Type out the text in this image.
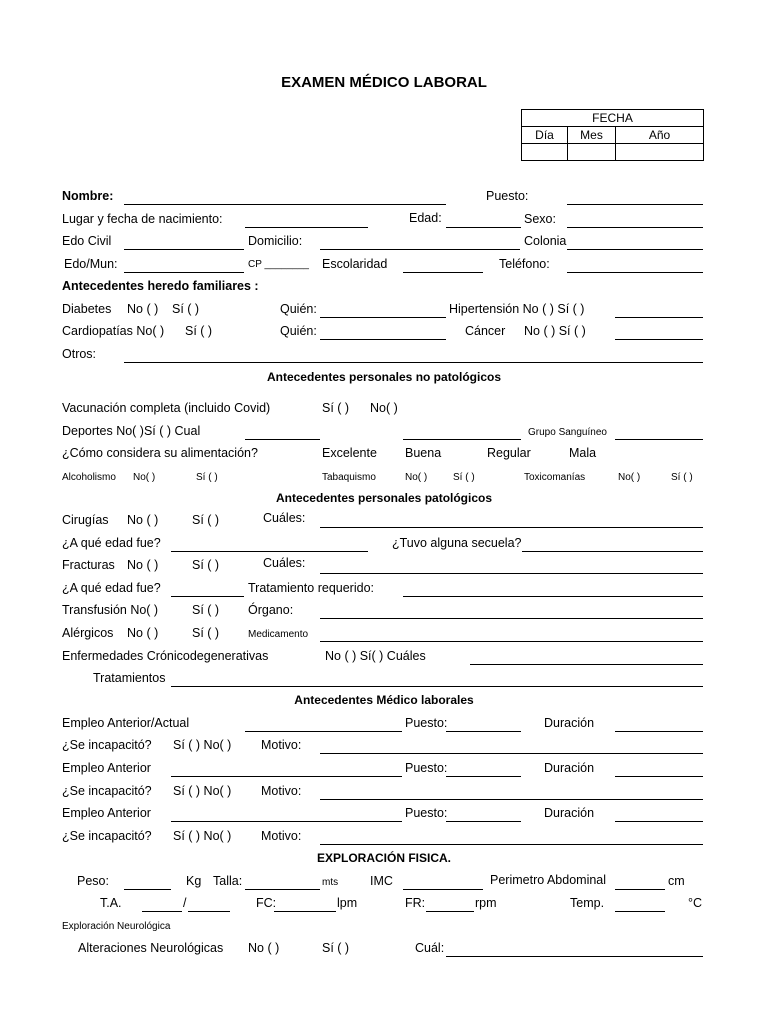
EXAMEN MÉDICO LABORAL
FECHA		
Día	Mes	Año

Nombre:	Puesto:
Lugar y fecha de nacimiento:	Edad:	Sexo:
Edo Civil	Domicilio:	Colonia
Edo/Mun:	CP ________ Escolaridad	Teléfono:
Antecedentes heredo familiares :
Diabetes No ( ) Sí ( )	Quién:	Hipertensión No ( ) Sí ( )
Cardiopatías No( ) Sí ( )	Quién:	Cáncer No ( ) Sí ( )
Otros:
Antecedentes personales no patológicos
Vacunación completa (incluido Covid)	Sí ( ) No( )
Deportes No( )Sí ( ) Cual	Grupo Sanguíneo
¿Cómo considera su alimentación?	Excelente Buena	Regular	Mala
Alcoholismo No( )	Sí ( )	Tabaquismo	No( )	Sí ( )	Toxicomanías	No( )	Sí ( )
Antecedentes personales patológicos
Cirugías No ( )	Sí ( )	Cuáles:
¿A qué edad fue?	¿Tuvo alguna secuela?
Fracturas No ( )	Sí ( )	Cuáles:
¿A qué edad fue?	Tratamiento requerido:
Transfusión No( )	Sí ( ) Órgano:
Alérgicos No ( )	Sí ( )	Medicamento
Enfermedades Crónicodegenerativas	No ( ) Sí( ) Cuáles
Tratamientos
Antecedentes Médico laborales
Empleo Anterior/Actual	Puesto:	Duración
¿Se incapacitó? Sí ( ) No( ) Motivo:
Empleo Anterior	Puesto:	Duración
¿Se incapacitó? Sí ( ) No( ) Motivo:
Empleo Anterior	Puesto:	Duración
¿Se incapacitó? Sí ( ) No( ) Motivo:
EXPLORACIÓN FISICA.
Peso:	Kg Talla:	mts	IMC	Perimetro Abdominal	cm
T.A.	/	FC:	lpm	FR:	rpm	Temp.	°C
Exploración Neurológica
Alteraciones Neurológicas No ( )	Sí ( )	Cuál:
